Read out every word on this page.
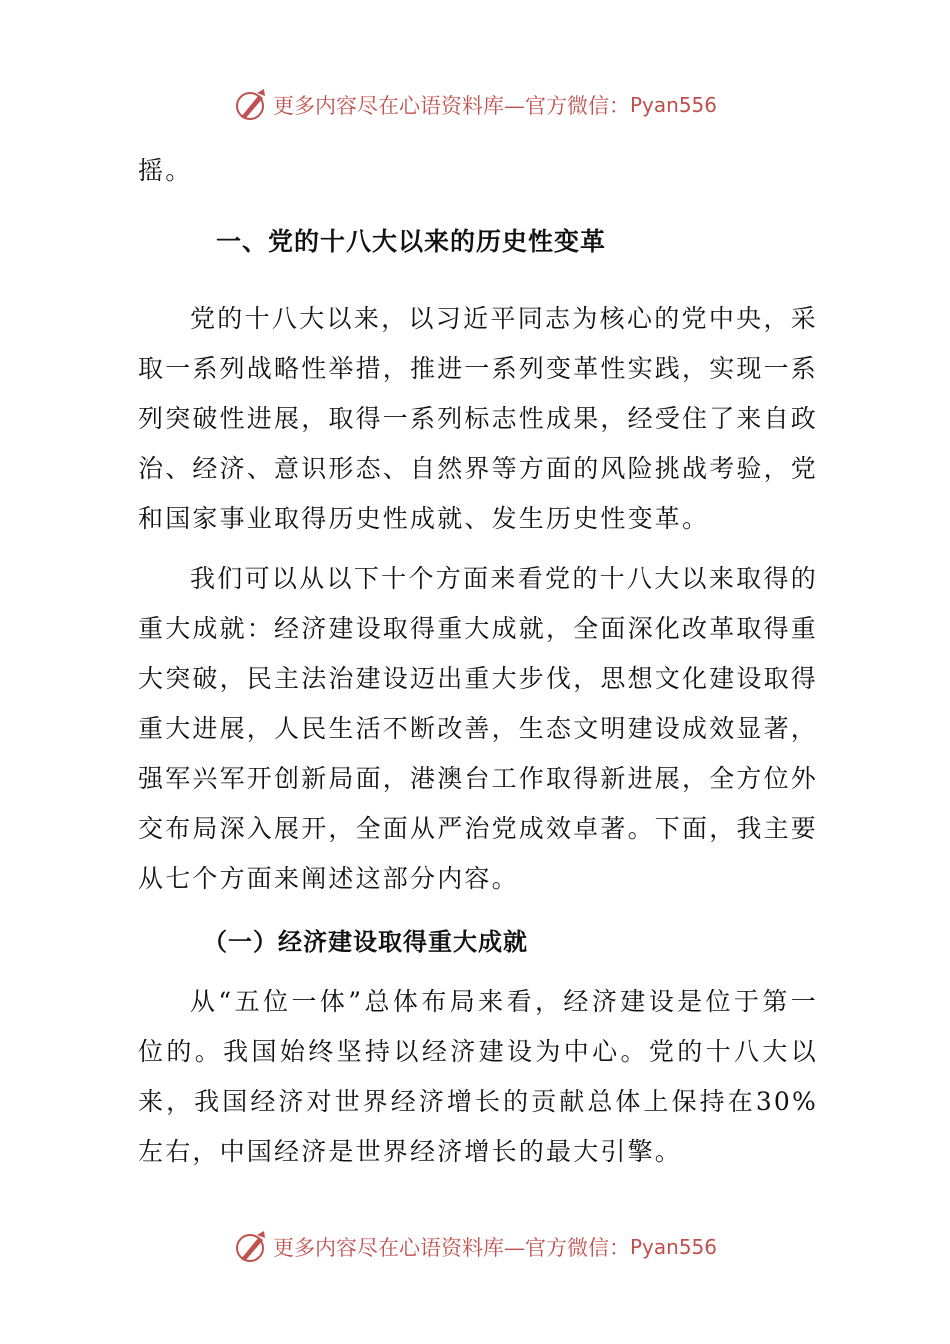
更多内容尽在心语资料库—官方微信： Pyan556

摇。

一、党的十八大以来的历史性变革

党的十八大以来，以习近平同志为核心的党中央，采取一系列战略性举措，推进一系列变革性实践，实现一系列突破性进展，取得一系列标志性成果，经受住了来自政治、经济、意识形态、自然界等方面的风险挑战考验，党和国家事业取得历史性成就、发生历史性变革。

我们可以从以下十个方面来看党的十八大以来取得的重大成就：经济建设取得重大成就，全面深化改革取得重大突破，民主法治建设迈出重大步伐，思想文化建设取得重大进展，人民生活不断改善，生态文明建设成效显著，强军兴军开创新局面，港澳台工作取得新进展，全方位外交布局深入展开，全面从严治党成效卓著。下面，我主要从七个方面来阐述这部分内容。

（一）经济建设取得重大成就

从“五位一体”总体布局来看，经济建设是位于第一位的。我国始终坚持以经济建设为中心。党的十八大以来，我国经济对世界经济增长的贡献总体上保持在30%左右，中国经济是世界经济增长的最大引擎。

更多内容尽在心语资料库—官方微信： Pyan556
